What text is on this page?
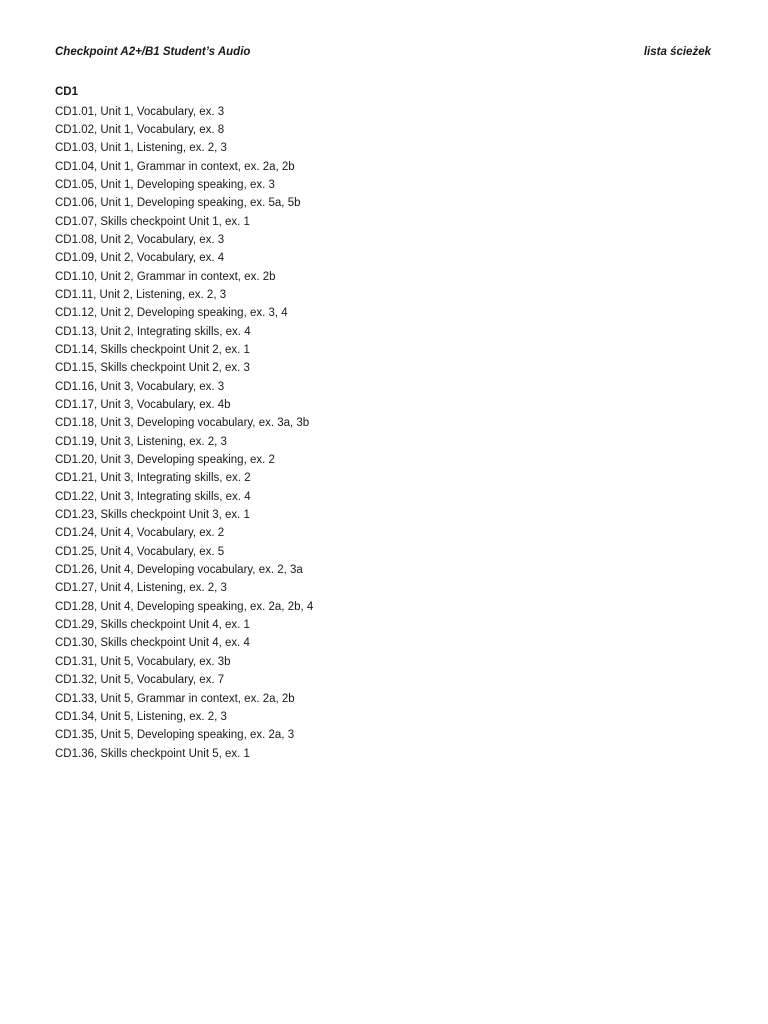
Checkpoint A2+/B1 Student’s Audio	lista ścieżek
CD1
CD1.01, Unit 1, Vocabulary, ex. 3
CD1.02, Unit 1, Vocabulary, ex. 8
CD1.03, Unit 1, Listening, ex. 2, 3
CD1.04, Unit 1, Grammar in context, ex. 2a, 2b
CD1.05, Unit 1, Developing speaking, ex. 3
CD1.06, Unit 1, Developing speaking, ex. 5a, 5b
CD1.07, Skills checkpoint Unit 1, ex. 1
CD1.08, Unit 2, Vocabulary, ex. 3
CD1.09, Unit 2, Vocabulary, ex. 4
CD1.10, Unit 2, Grammar in context, ex. 2b
CD1.11, Unit 2, Listening, ex. 2, 3
CD1.12, Unit 2, Developing speaking, ex. 3, 4
CD1.13, Unit 2, Integrating skills, ex. 4
CD1.14, Skills checkpoint Unit 2, ex. 1
CD1.15, Skills checkpoint Unit 2, ex. 3
CD1.16, Unit 3, Vocabulary, ex. 3
CD1.17, Unit 3, Vocabulary, ex. 4b
CD1.18, Unit 3, Developing vocabulary, ex. 3a, 3b
CD1.19, Unit 3, Listening, ex. 2, 3
CD1.20, Unit 3, Developing speaking, ex. 2
CD1.21, Unit 3, Integrating skills, ex. 2
CD1.22, Unit 3, Integrating skills, ex. 4
CD1.23, Skills checkpoint Unit 3, ex. 1
CD1.24, Unit 4, Vocabulary, ex. 2
CD1.25, Unit 4, Vocabulary, ex. 5
CD1.26, Unit 4, Developing vocabulary, ex. 2, 3a
CD1.27, Unit 4, Listening, ex. 2, 3
CD1.28, Unit 4, Developing speaking, ex. 2a, 2b, 4
CD1.29, Skills checkpoint Unit 4, ex. 1
CD1.30, Skills checkpoint Unit 4, ex. 4
CD1.31, Unit 5, Vocabulary, ex. 3b
CD1.32, Unit 5, Vocabulary, ex. 7
CD1.33, Unit 5, Grammar in context, ex. 2a, 2b
CD1.34, Unit 5, Listening, ex. 2, 3
CD1.35, Unit 5, Developing speaking, ex. 2a, 3
CD1.36, Skills checkpoint Unit 5, ex. 1
